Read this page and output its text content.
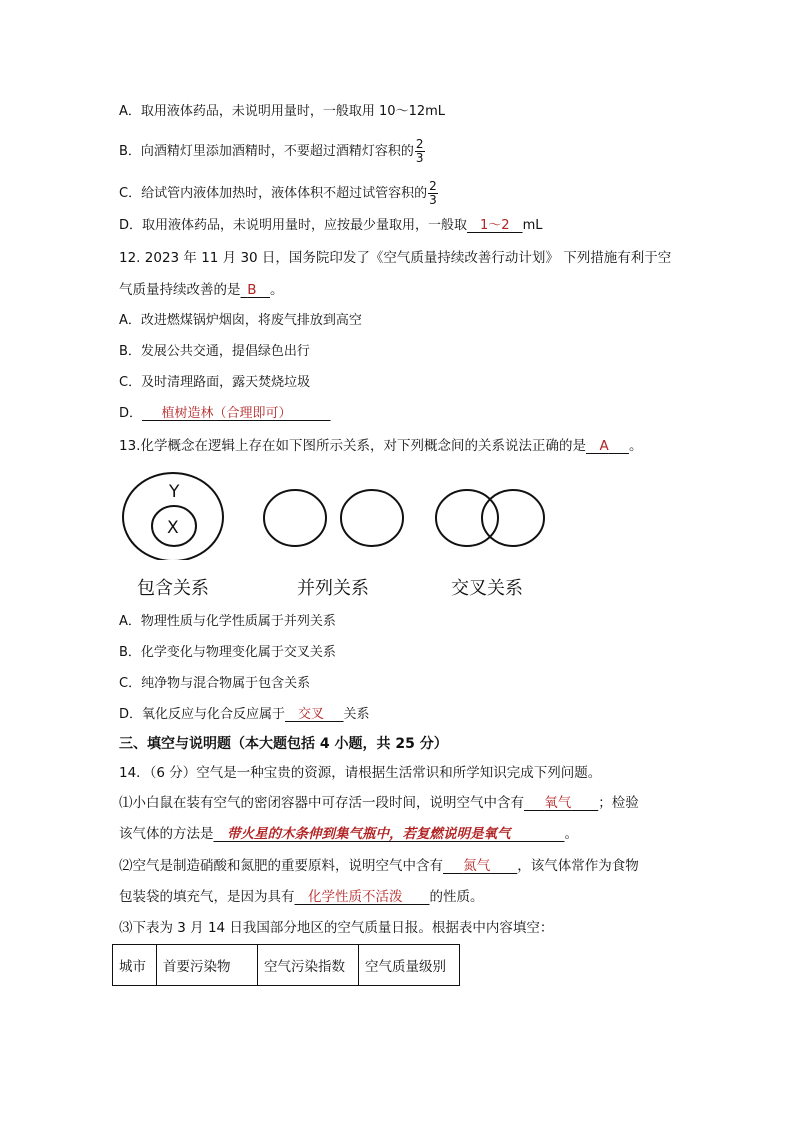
A．取用液体药品，未说明用量时，一般取用 10～12mL
B．向酒精灯里添加酒精时，不要超过酒精灯容积的 $\frac{2}{3}$
C．给试管内液体加热时，液体体积不超过试管容积的 $\frac{2}{3}$
D．取用液体药品，未说明用量时，应按最少量取用，一般取   1～2   mL
12. 2023 年 11 月 30 日，国务院印发了《空气质量持续改善行动计划》 下列措施有利于空
气质量持续改善的是  B   。
A．改进燃煤锅炉烟囱，将废气排放到高空
B．发展公共交通，提倡绿色出行
C．及时清理路面，露天焚烧垃圾
D．    植树造林（合理即可）      
13.化学概念在逻辑上存在如下图所示关系，对下列概念间的关系说法正确的是   A    。
Y
X
包含关系	并列关系	交叉关系
A．物理性质与化学性质属于并列关系
B．化学变化与物理变化属于交叉关系
C．纯净物与混合物属于包含关系
D．氧化反应与化合反应属于   交叉    关系
三、填空与说明题（本大题包括 4 小题，共 25 分）
14．（6 分）空气是一种宝贵的资源，请根据生活常识和所学知识完成下列问题。
⑴小白鼠在装有空气的密闭容器中可存活一段时间，说明空气中含有    氧气     ；检验
该气体的方法是   带火星的木条伸到集气瓶中，若复燃说明是氧气        	。
⑵空气是制造硝酸和氮肥的重要原料，说明空气中含有    氮气     ，该气体常作为食物
包装袋的填充气，是因为具有   化学性质不活泼     的性质。
⑶下表为 3 月 14 日我国部分地区的空气质量日报。根据表中内容填空：
城市	首要污染物	空气污染指数	空气质量级别
